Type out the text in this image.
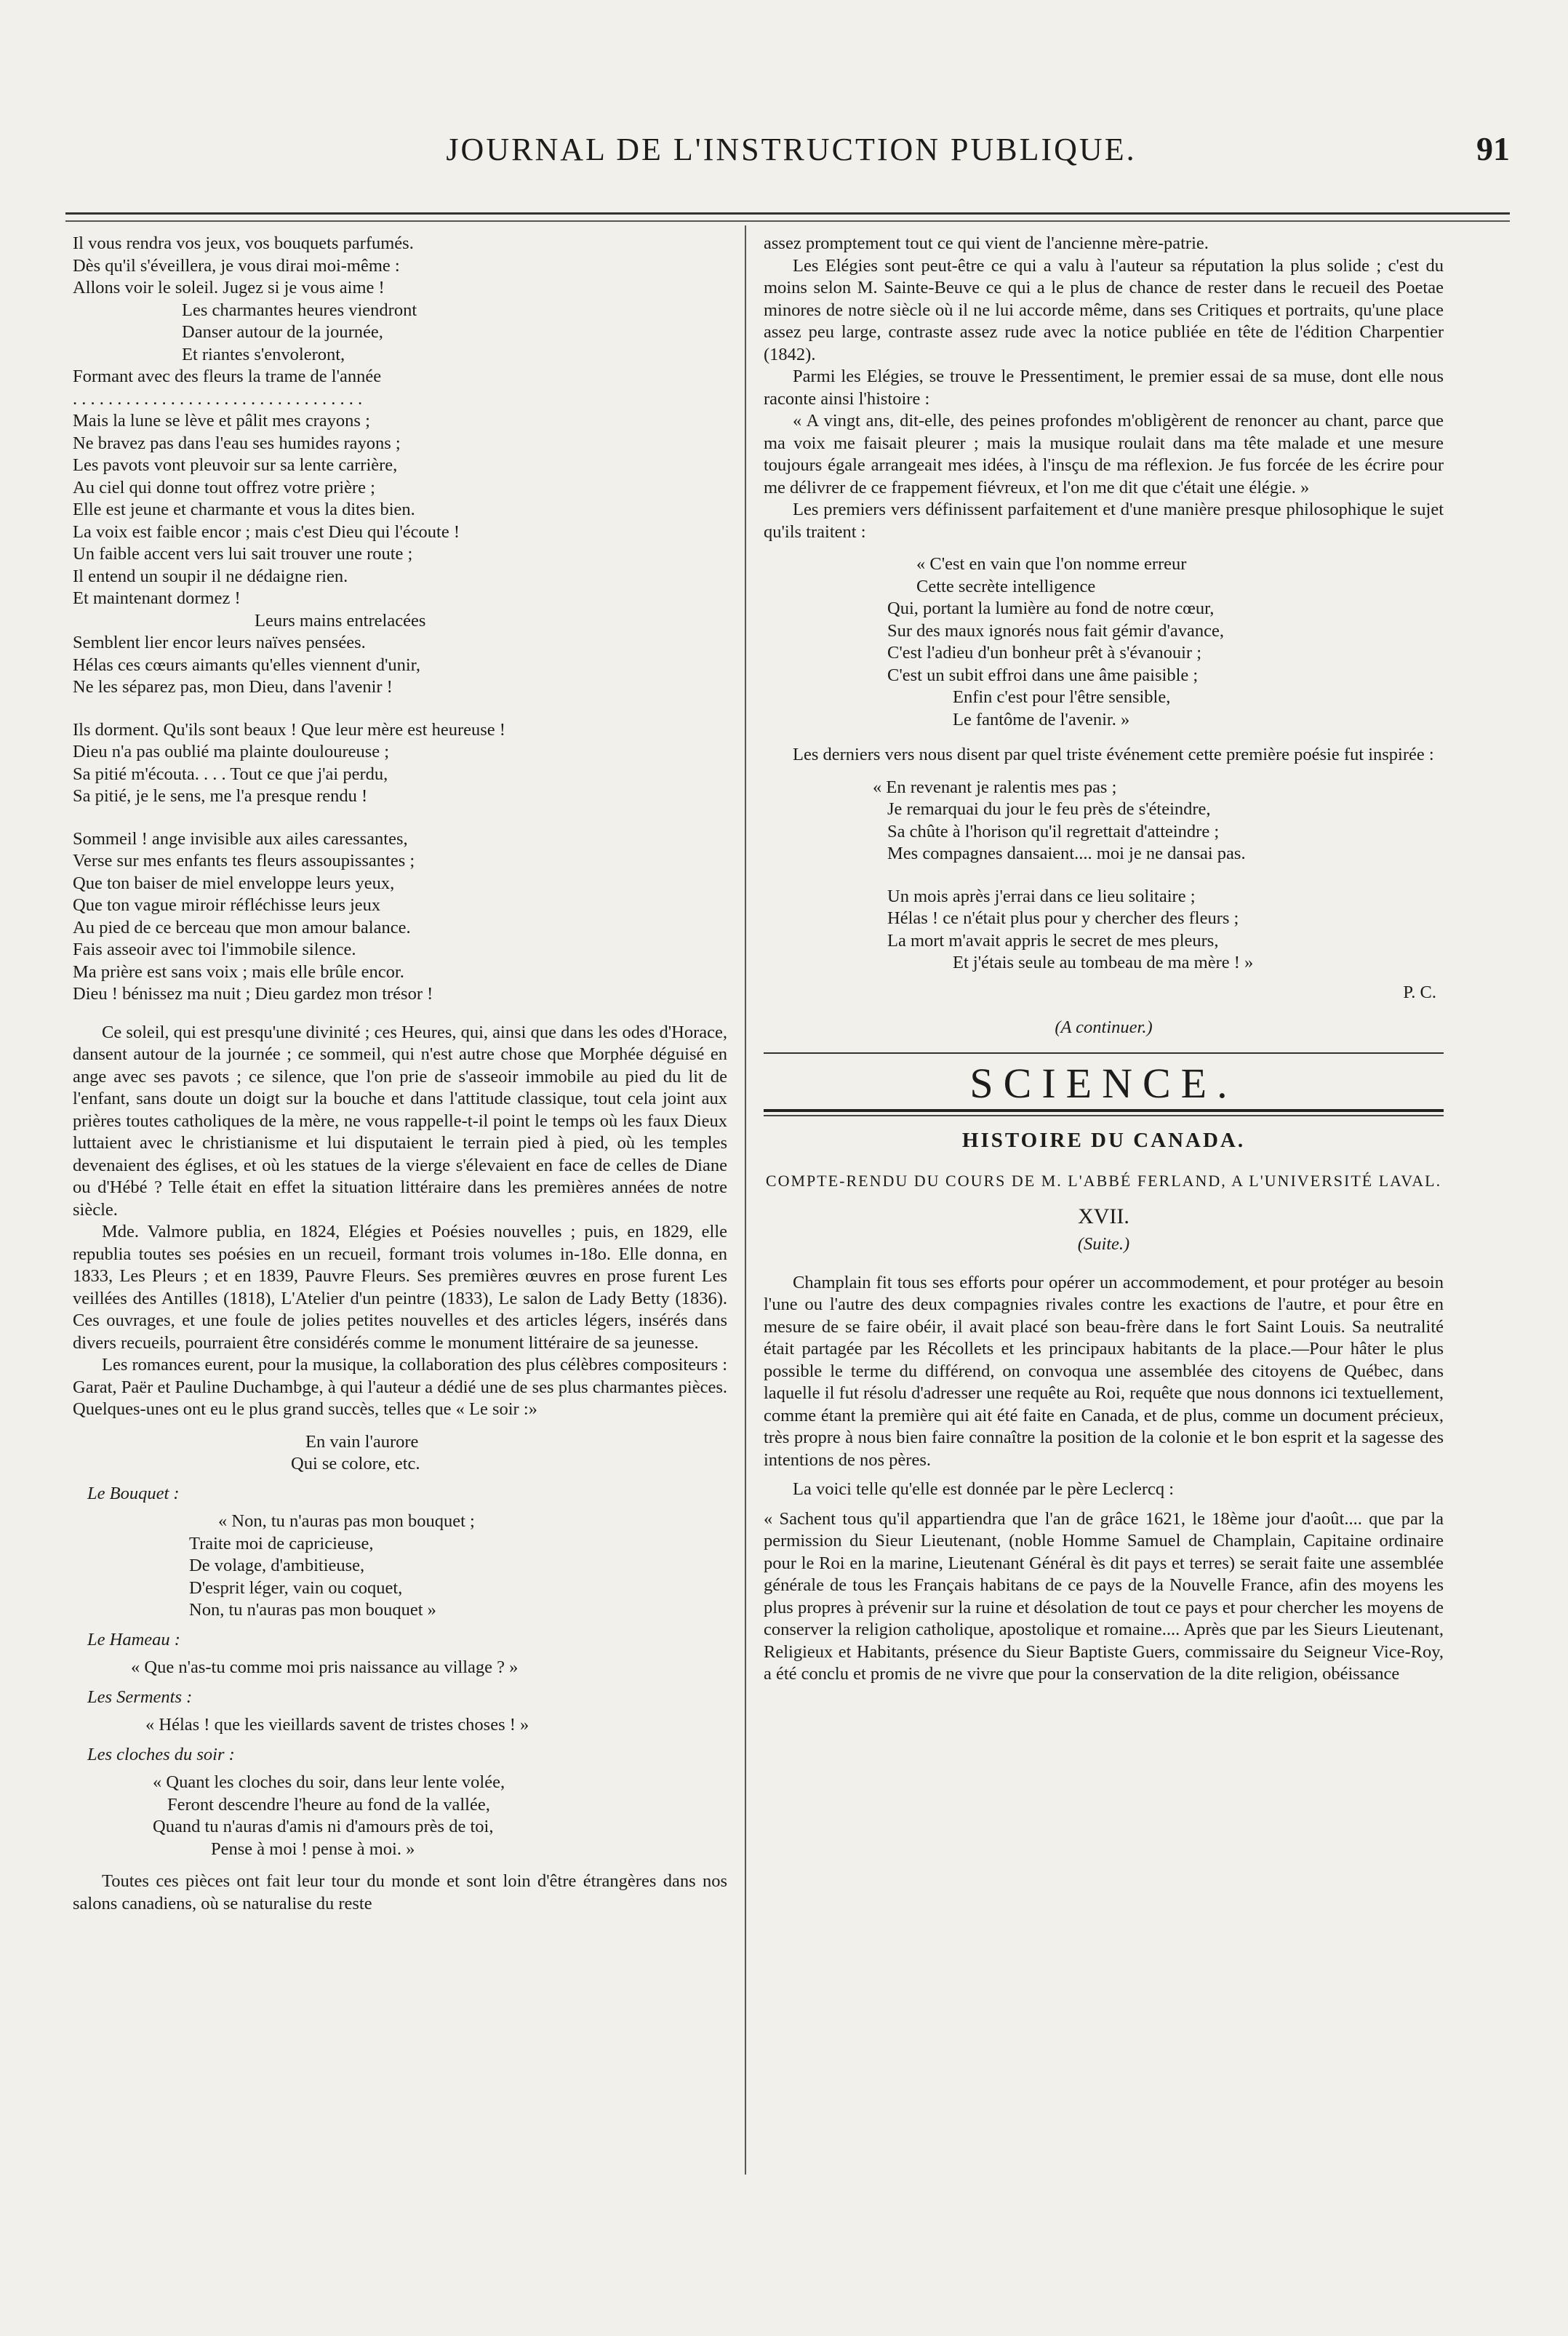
JOURNAL DE L'INSTRUCTION PUBLIQUE.	91
Il vous rendra vos jeux, vos bouquets parfumés.
Dès qu'il s'éveillera, je vous dirai moi-même :
Allons voir le soleil. Jugez si je vous aime !
Les charmantes heures viendront
Danser autour de la journée,
Et riantes s'envoleront,
Formant avec des fleurs la trame de l'année
. . . . . . . . . . . . . . . . . . . . . . . . . . . . . . . . .
Mais la lune se lève et pâlit mes crayons ;
Ne bravez pas dans l'eau ses humides rayons ;
Les pavots vont pleuvoir sur sa lente carrière,
Au ciel qui donne tout offrez votre prière ;
Elle est jeune et charmante et vous la dites bien.
La voix est faible encor ; mais c'est Dieu qui l'écoute !
Un faible accent vers lui sait trouver une route ;
Il entend un soupir il ne dédaigne rien.
Et maintenant dormez !
Leurs mains entrelacées
Semblent lier encor leurs naïves pensées.
Hélas ces cœurs aimants qu'elles viennent d'unir,
Ne les séparez pas, mon Dieu, dans l'avenir !
Ils dorment. Qu'ils sont beaux ! Que leur mère est heureuse !
Dieu n'a pas oublié ma plainte douloureuse ;
Sa pitié m'écouta. . . . Tout ce que j'ai perdu,
Sa pitié, je le sens, me l'a presque rendu !
Sommeil ! ange invisible aux ailes caressantes,
Verse sur mes enfants tes fleurs assoupissantes ;
Que ton baiser de miel enveloppe leurs yeux,
Que ton vague miroir réfléchisse leurs jeux
Au pied de ce berceau que mon amour balance.
Fais asseoir avec toi l'immobile silence.
Ma prière est sans voix ; mais elle brûle encor.
Dieu ! bénissez ma nuit ; Dieu gardez mon trésor !

Ce soleil, qui est presqu'une divinité ; ces Heures, qui, ainsi que dans les odes d'Horace, dansent autour de la journée ; ce sommeil, qui n'est autre chose que Morphée déguisé en ange avec ses pavots ; ce silence, que l'on prie de s'asseoir immobile au pied du lit de l'enfant, sans doute un doigt sur la bouche et dans l'attitude classique, tout cela joint aux prières toutes catholiques de la mère, ne vous rappelle-t-il point le temps où les faux Dieux luttaient avec le christianisme et lui disputaient le terrain pied à pied, où les temples devenaient des églises, et où les statues de la vierge s'élevaient en face de celles de Diane ou d'Hébé ? Telle était en effet la situation littéraire dans les premières années de notre siècle.

Mde. Valmore publia, en 1824, Elégies et Poésies nouvelles ; puis, en 1829, elle republia toutes ses poésies en un recueil, formant trois volumes in-18o. Elle donna, en 1833, Les Pleurs ; et en 1839, Pauvre Fleurs. Ses premières œuvres en prose furent Les veillées des Antilles (1818), L'Atelier d'un peintre (1833), Le salon de Lady Betty (1836). Ces ouvrages, et une foule de jolies petites nouvelles et des articles légers, insérés dans divers recueils, pourraient être considérés comme le monument littéraire de sa jeunesse.

Les romances eurent, pour la musique, la collaboration des plus célèbres compositeurs : Garat, Paër et Pauline Duchambge, à qui l'auteur a dédié une de ses plus charmantes pièces. Quelques-unes ont eu le plus grand succès, telles que « Le soir :»

En vain l'aurore
Qui se colore, etc.
Le Bouquet :
« Non, tu n'auras pas mon bouquet ;
Traite moi de capricieuse,
De volage, d'ambitieuse,
D'esprit léger, vain ou coquet,
Non, tu n'auras pas mon bouquet »
Le Hameau :
« Que n'as-tu comme moi pris naissance au village ? »
Les Serments :
« Hélas ! que les vieillards savent de tristes choses ! »
Les cloches du soir :
« Quant les cloches du soir, dans leur lente volée,
Feront descendre l'heure au fond de la vallée,
Quand tu n'auras d'amis ni d'amours près de toi,
Pense à moi ! pense à moi. »

Toutes ces pièces ont fait leur tour du monde et sont loin d'être étrangères dans nos salons canadiens, où se naturalise du reste

assez promptement tout ce qui vient de l'ancienne mère-patrie.

Les Elégies sont peut-être ce qui a valu à l'auteur sa réputation la plus solide ; c'est du moins selon M. Sainte-Beuve ce qui a le plus de chance de rester dans le recueil des Poetae minores de notre siècle où il ne lui accorde même, dans ses Critiques et portraits, qu'une place assez peu large, contraste assez rude avec la notice publiée en tête de l'édition Charpentier (1842).

Parmi les Elégies, se trouve le Pressentiment, le premier essai de sa muse, dont elle nous raconte ainsi l'histoire :

« A vingt ans, dit-elle, des peines profondes m'obligèrent de renoncer au chant, parce que ma voix me faisait pleurer ; mais la musique roulait dans ma tête malade et une mesure toujours égale arrangeait mes idées, à l'insçu de ma réflexion. Je fus forcée de les écrire pour me délivrer de ce frappement fiévreux, et l'on me dit que c'était une élégie. »

Les premiers vers définissent parfaitement et d'une manière presque philosophique le sujet qu'ils traitent :

« C'est en vain que l'on nomme erreur
Cette secrète intelligence
Qui, portant la lumière au fond de notre cœur,
Sur des maux ignorés nous fait gémir d'avance,
C'est l'adieu d'un bonheur prêt à s'évanouir ;
C'est un subit effroi dans une âme paisible ;
Enfin c'est pour l'être sensible,
Le fantôme de l'avenir. »

Les derniers vers nous disent par quel triste événement cette première poésie fut inspirée :

« En revenant je ralentis mes pas ;
Je remarquai du jour le feu près de s'éteindre,
Sa chûte à l'horison qu'il regrettait d'atteindre ;
Mes compagnes dansaient.... moi je ne dansai pas.
Un mois après j'errai dans ce lieu solitaire ;
Hélas ! ce n'était plus pour y chercher des fleurs ;
La mort m'avait appris le secret de mes pleurs,
Et j'étais seule au tombeau de ma mère ! »
P. C.
(A continuer.)
SCIENCE.
HISTOIRE DU CANADA.
COMPTE-RENDU DU COURS DE M. L'ABBÉ FERLAND, A L'UNIVERSITÉ LAVAL.
XVII.
(Suite.)

Champlain fit tous ses efforts pour opérer un accommodement, et pour protéger au besoin l'une ou l'autre des deux compagnies rivales contre les exactions de l'autre, et pour être en mesure de se faire obéir, il avait placé son beau-frère dans le fort Saint Louis. Sa neutralité était partagée par les Récollets et les principaux habitants de la place.—Pour hâter le plus possible le terme du différend, on convoqua une assemblée des citoyens de Québec, dans laquelle il fut résolu d'adresser une requête au Roi, requête que nous donnons ici textuellement, comme étant la première qui ait été faite en Canada, et de plus, comme un document précieux, très propre à nous bien faire connaître la position de la colonie et le bon esprit et la sagesse des intentions de nos pères.

La voici telle qu'elle est donnée par le père Leclercq :

« Sachent tous qu'il appartiendra que l'an de grâce 1621, le 18ème jour d'août.... que par la permission du Sieur Lieutenant, (noble Homme Samuel de Champlain, Capitaine ordinaire pour le Roi en la marine, Lieutenant Général ès dit pays et terres) se serait faite une assemblée générale de tous les Français habitans de ce pays de la Nouvelle France, afin des moyens les plus propres à prévenir sur la ruine et désolation de tout ce pays et pour chercher les moyens de conserver la religion catholique, apostolique et romaine.... Après que par les Sieurs Lieutenant, Religieux et Habitants, présence du Sieur Baptiste Guers, commissaire du Seigneur Vice-Roy, a été conclu et promis de ne vivre que pour la conservation de la dite religion, obéissance
